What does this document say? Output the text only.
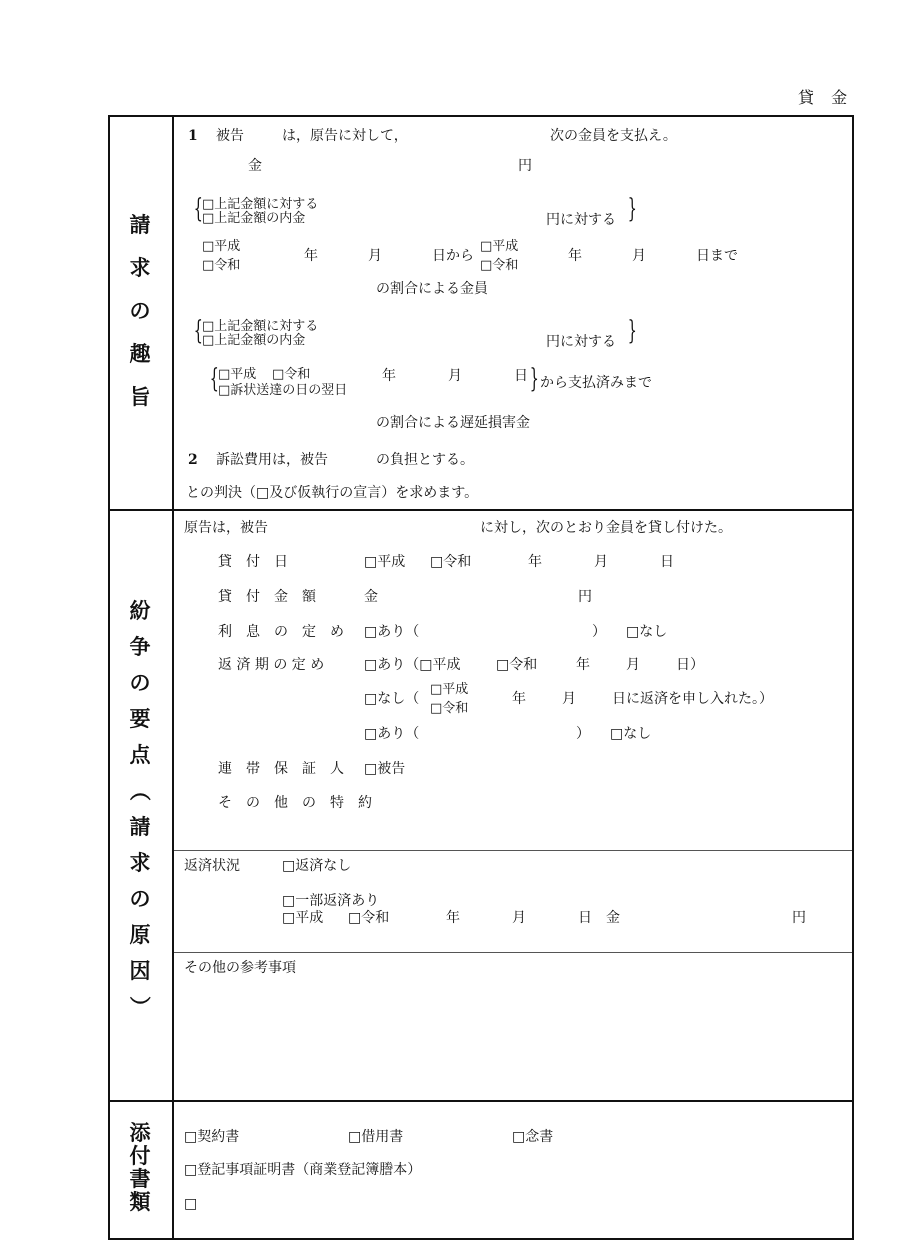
貸 金
請
求
の
趣
旨
紛
争
の
要
点
（
請
求
の
原
因
）
添
付
書
類
1 被告	は，原告に対して，	次の金員を支払え。
金	円
{ □上記金額に対する
□上記金額の内金	円に対する }
□平成
□令和
年	月	日から
□平成
□令和
年	月	日まで
の割合による金員
{ □上記金額に対する
□上記金額の内金	円に対する }
{ □平成 □令和	年	月	日
□訴状送達の日の翌日	} から支払済みまで
の割合による遅延損害金
2 訴訟費用は，被告	の負担とする。
との判決（□及び仮執行の宣言）を求めます。
原告は，被告	に対し，次のとおり金員を貸し付けた。
貸　付　日	□平成 □令和	年	月	日
貸　付　金　額	金	円
利　息　の　定　め □あり（	） □なし
返 済 期 の 定 め	□あり（□平成	□令和	年	月	日）
□なし（
□平成
□令和
年	月	日に返済を申し入れた。）
□あり（	） □なし
連　帯　保　証　人 □被告
そ　の　他　の　特　約
返済状況	□返済なし
□一部返済あり
□平成 □令和	年	月	日　金	円
その他の参考事項
□契約書	□借用書	□念書
□登記事項証明書（商業登記簿謄本）
□
